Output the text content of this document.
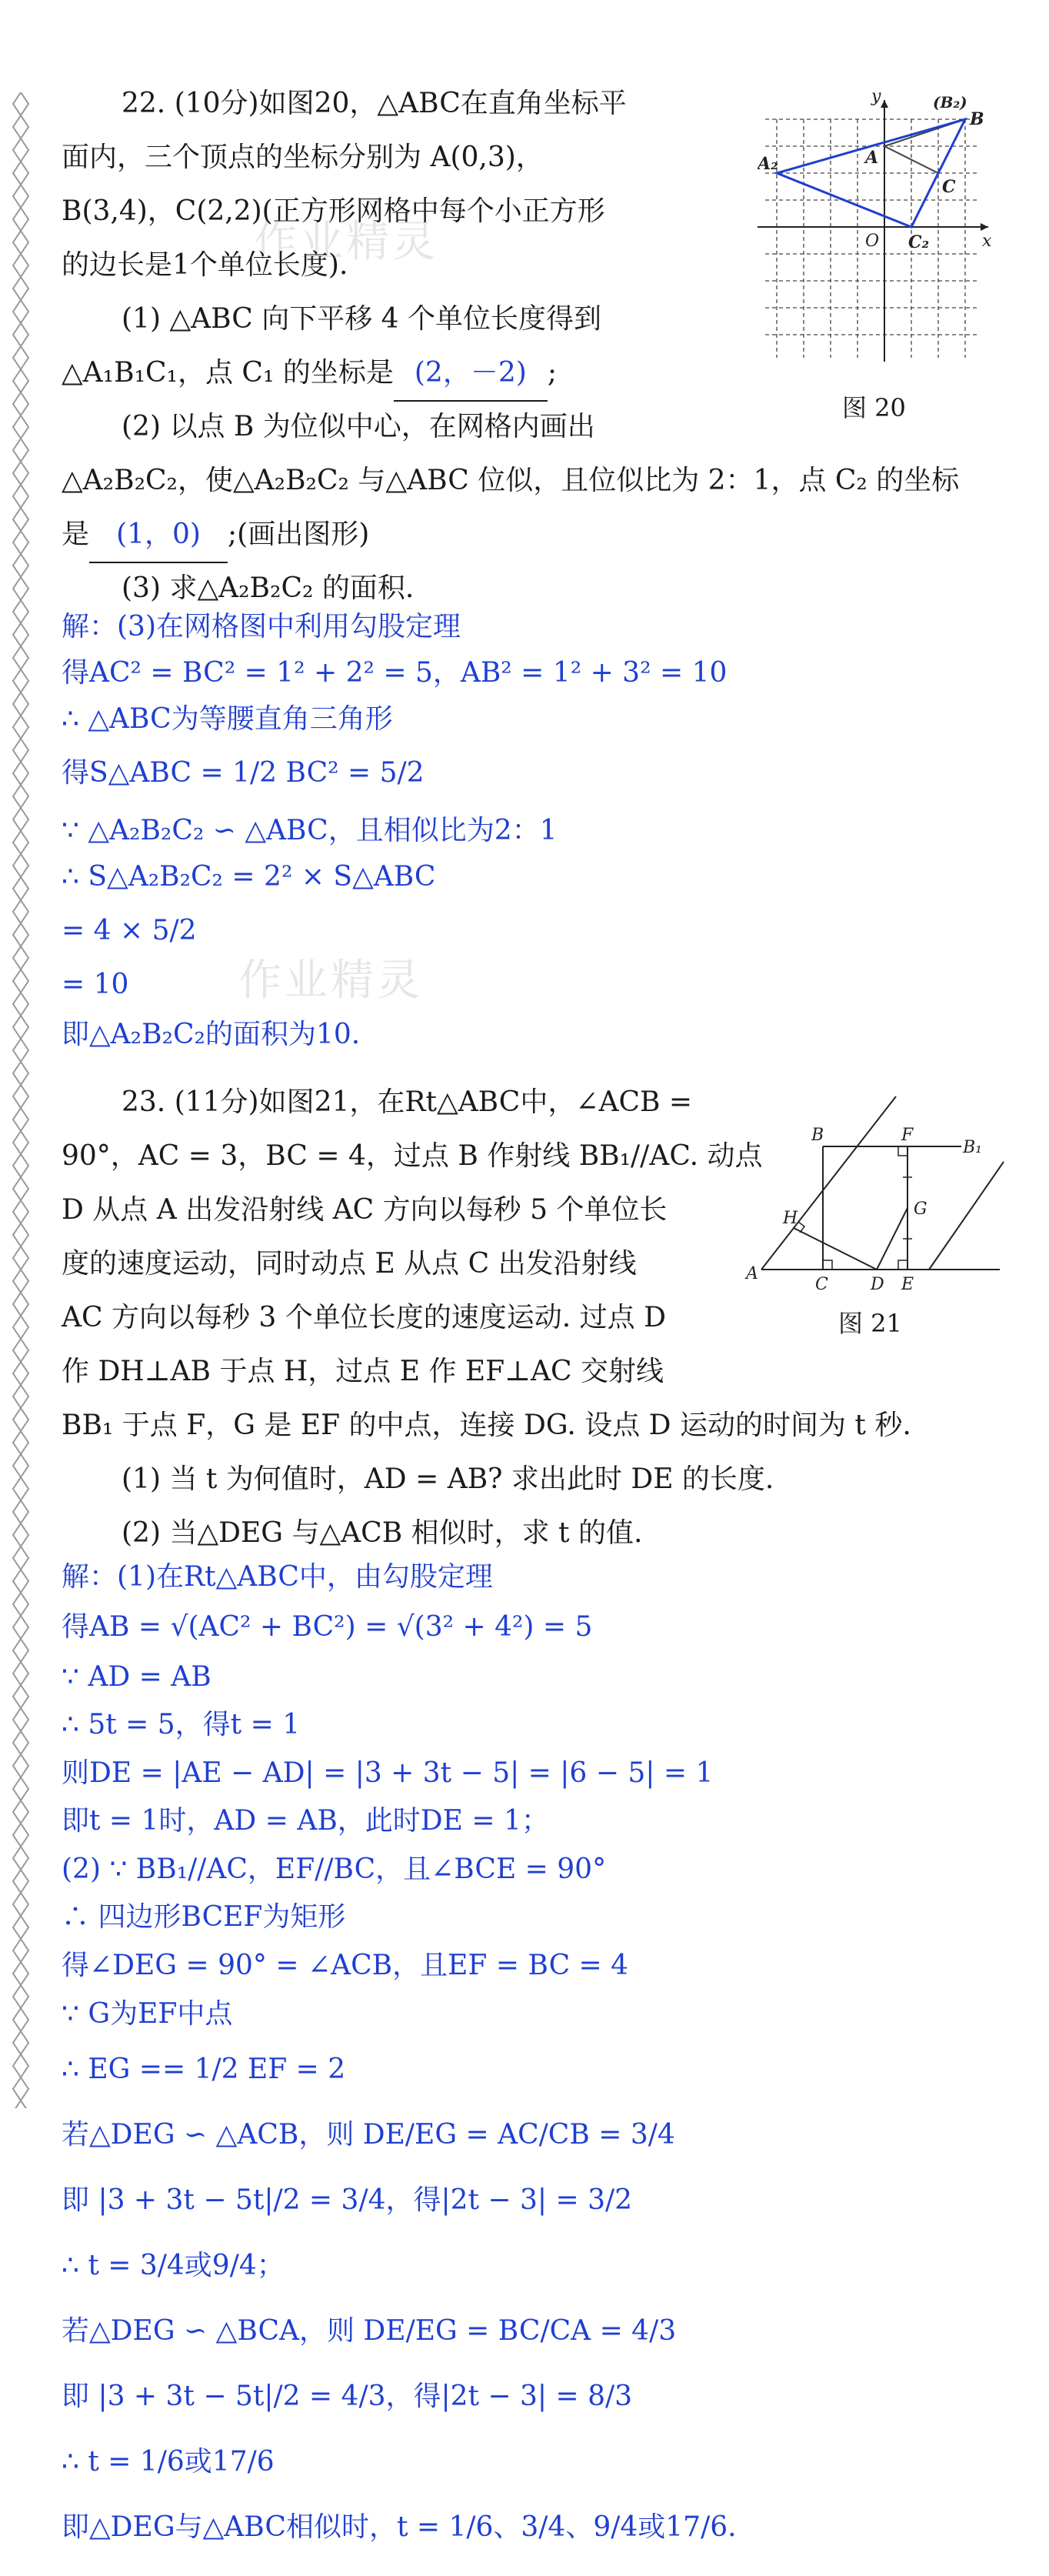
作业精灵
作业精灵
22. (10分)如图20，△ABC在直角坐标平
面内，三个顶点的坐标分别为 A(0,3)，
B(3,4)，C(2,2)(正方形网格中每个小正方形
的边长是1个单位长度).
(1) △ABC 向下平移 4 个单位长度得到
△A₁B₁C₁，点 C₁ 的坐标是 (2，－2) ;
(2) 以点 B 为位似中心，在网格内画出
△A₂B₂C₂，使△A₂B₂C₂ 与△ABC 位似，且位似比为 2：1，点 C₂ 的坐标
是 (1，0) ;(画出图形)
(3) 求△A₂B₂C₂ 的面积.
y
x
O
A
A₂
(B₂)
B
C
C₂
图 20
解：(3)在网格图中利用勾股定理
得AC² = BC² = 1² + 2² = 5，AB² = 1² + 3² = 10
∴ △ABC为等腰直角三角形
得S△ABC = 1/2 BC² = 5/2
∵ △A₂B₂C₂ ∽ △ABC，且相似比为2：1
∴ S△A₂B₂C₂ = 2² × S△ABC
= 4 × 5/2
= 10
即△A₂B₂C₂的面积为10.
23. (11分)如图21，在Rt△ABC中，∠ACB =
90°，AC = 3，BC = 4，过点 B 作射线 BB₁//AC. 动点
D 从点 A 出发沿射线 AC 方向以每秒 5 个单位长
度的速度运动，同时动点 E 从点 C 出发沿射线
AC 方向以每秒 3 个单位长度的速度运动. 过点 D
作 DH⊥AB 于点 H，过点 E 作 EF⊥AC 交射线
BB₁ 于点 F，G 是 EF 的中点，连接 DG. 设点 D 运动的时间为 t 秒.
(1) 当 t 为何值时，AD = AB? 求出此时 DE 的长度.
(2) 当△DEG 与△ACB 相似时，求 t 的值.
A
B
B₁
C	D E
F
G
H
图 21
解：(1)在Rt△ABC中，由勾股定理
得AB = √(AC² + BC²) = √(3² + 4²) = 5
∵ AD = AB
∴ 5t = 5，得t = 1
则DE = |AE − AD| = |3 + 3t − 5| = |6 − 5| = 1
即t = 1时，AD = AB，此时DE = 1；
(2) ∵ BB₁//AC，EF//BC，且∠BCE = 90°
∴ 四边形BCEF为矩形
得∠DEG = 90° = ∠ACB，且EF = BC = 4
∵ G为EF中点
∴ EG == 1/2 EF = 2
若△DEG ∽ △ACB，则 DE/EG = AC/CB = 3/4
即 |3 + 3t − 5t|/2 = 3/4，得|2t − 3| = 3/2
∴ t = 3/4或9/4；
若△DEG ∽ △BCA，则 DE/EG = BC/CA = 4/3
即 |3 + 3t − 5t|/2 = 4/3，得|2t − 3| = 8/3
∴ t = 1/6或17/6
即△DEG与△ABC相似时，t = 1/6、3/4、9/4或17/6.
